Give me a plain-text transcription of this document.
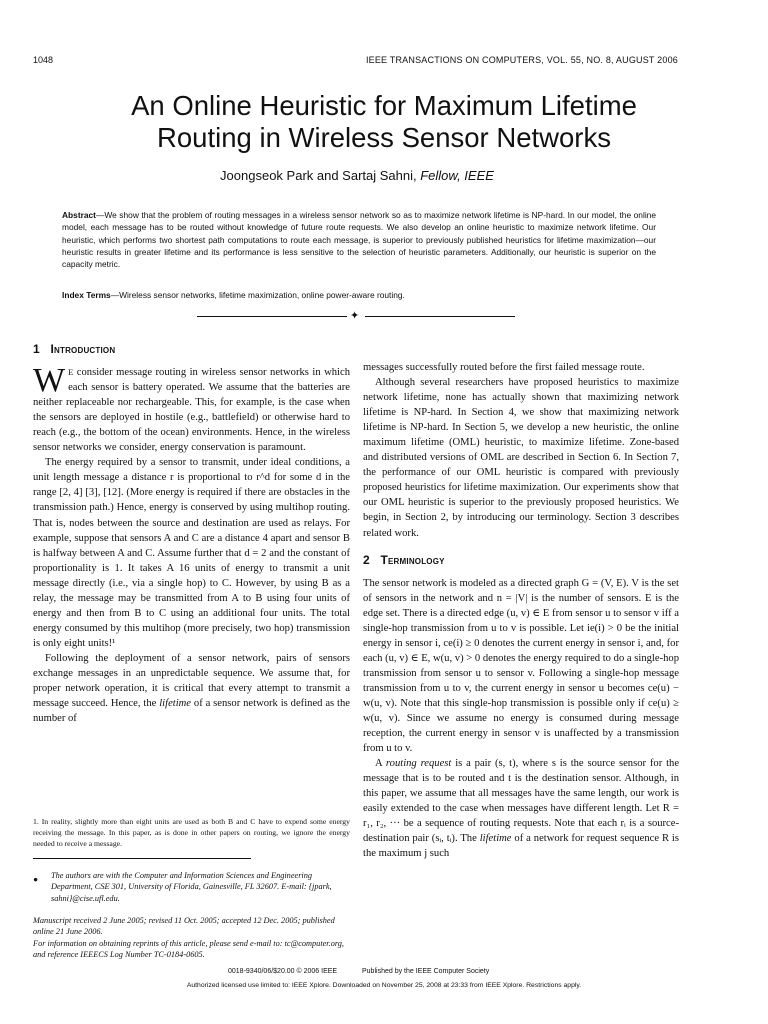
1048	IEEE TRANSACTIONS ON COMPUTERS, VOL. 55, NO. 8, AUGUST 2006
An Online Heuristic for Maximum Lifetime
Routing in Wireless Sensor Networks
Joongseok Park and Sartaj Sahni, Fellow, IEEE
Abstract—We show that the problem of routing messages in a wireless sensor network so as to maximize network lifetime is NP-hard. In our model, the online model, each message has to be routed without knowledge of future route requests. We also develop an online heuristic to maximize network lifetime. Our heuristic, which performs two shortest path computations to route each message, is superior to previously published heuristics for lifetime maximization—our heuristic results in greater lifetime and its performance is less sensitive to the selection of heuristic parameters. Additionally, our heuristic is superior on the capacity metric.
Index Terms—Wireless sensor networks, lifetime maximization, online power-aware routing.
✦
1 Introduction

W E consider message routing in wireless sensor networks in which each sensor is battery operated. We assume that the batteries are neither replaceable nor rechargeable. This, for example, is the case when the sensors are deployed in hostile (e.g., battlefield) or otherwise hard to reach (e.g., the bottom of the ocean) environments. Hence, in the wireless sensor networks we consider, energy conservation is paramount.

The energy required by a sensor to transmit, under ideal conditions, a unit length message a distance r is proportional to r^d for some d in the range [2, 4] [3], [12]. (More energy is required if there are obstacles in the transmission path.) Hence, energy is conserved by using multihop routing. That is, nodes between the source and destination are used as relays. For example, suppose that sensors A and C are a distance 4 apart and sensor B is halfway between A and C. Assume further that d = 2 and the constant of proportionality is 1. It takes A 16 units of energy to transmit a unit message directly (i.e., via a single hop) to C. However, by using B as a relay, the message may be transmitted from A to B using four units of energy and then from B to C using an additional four units. The total energy consumed by this multihop (more precisely, two hop) transmission is only eight units!¹

Following the deployment of a sensor network, pairs of sensors exchange messages in an unpredictable sequence. We assume that, for proper network operation, it is critical that every attempt to transmit a message succeed. Hence, the lifetime of a sensor network is defined as the number of

messages successfully routed before the first failed message route.

Although several researchers have proposed heuristics to maximize network lifetime, none has actually shown that maximizing network lifetime is NP-hard. In Section 4, we show that maximizing network lifetime is NP-hard. In Section 5, we develop a new heuristic, the online maximum lifetime (OML) heuristic, to maximize lifetime. Zone-based and distributed versions of OML are described in Section 6. In Section 7, the performance of our OML heuristic is compared with previously proposed heuristics for lifetime maximization. Our experiments show that our OML heuristic is superior to the previously proposed heuristics. We begin, in Section 2, by introducing our terminology. Section 3 describes related work.

2 Terminology

The sensor network is modeled as a directed graph G = (V, E). V is the set of sensors in the network and n = |V| is the number of sensors. E is the edge set. There is a directed edge (u, v) ∈ E from sensor u to sensor v iff a single-hop transmission from u to v is possible. Let ie(i) > 0 be the initial energy in sensor i, ce(i) ≥ 0 denotes the current energy in sensor i, and, for each (u, v) ∈ E, w(u, v) > 0 denotes the energy required to do a single-hop transmission from sensor u to sensor v. Following a single-hop message transmission from u to v, the current energy in sensor u becomes ce(u) − w(u, v). Note that this single-hop transmission is possible only if ce(u) ≥ w(u, v). Since we assume no energy is consumed during message reception, the current energy in sensor v is unaffected by a transmission from u to v.

A routing request is a pair (s, t), where s is the source sensor for the message that is to be routed and t is the destination sensor. Although, in this paper, we assume that all messages have the same length, our work is easily extended to the case when messages have different length. Let R = r₁, r₂, ··· be a sequence of routing requests. Note that each rᵢ is a source-destination pair (sᵢ, tᵢ). The lifetime of a network for request sequence R is the maximum j such

1. In reality, slightly more than eight units are used as both B and C have to expend some energy receiving the message. In this paper, as is done in other papers on routing, we ignore the energy needed to receive a message.
●	The authors are with the Computer and Information Sciences and Engineering Department, CSE 301, University of Florida, Gainesville, FL 32607. E-mail: {jpark, sahni}@cise.ufl.edu.
Manuscript received 2 June 2005; revised 11 Oct. 2005; accepted 12 Dec. 2005; published online 21 June 2006.
For information on obtaining reprints of this article, please send e-mail to: tc@computer.org, and reference IEEECS Log Number TC-0184-0605.
0018-9340/06/$20.00 © 2006 IEEE	Published by the IEEE Computer Society
Authorized licensed use limited to: IEEE Xplore. Downloaded on November 25, 2008 at 23:33 from IEEE Xplore. Restrictions apply.
